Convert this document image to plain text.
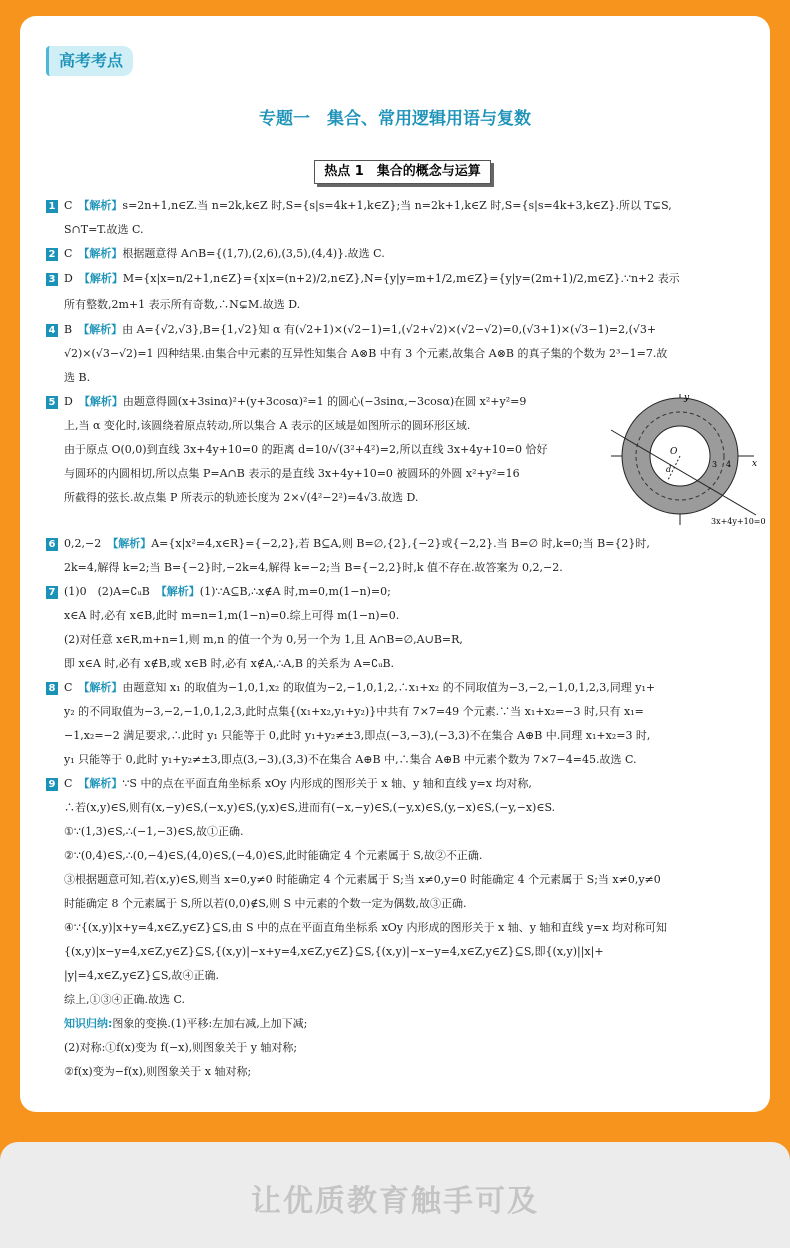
高考考点
专题一　集合、常用逻辑用语与复数
热点 1　集合的概念与运算
1 C 【解析】s=2n+1,n∈Z.当 n=2k,k∈Z 时,S={s|s=4k+1,k∈Z};当 n=2k+1,k∈Z 时,S={s|s=4k+3,k∈Z}.所以 T⊊S,
S∩T=T.故选 C.
2 C 【解析】根据题意得 A∩B={(1,7),(2,6),(3,5),(4,4)}.故选 C.
3 D 【解析】M={x|x=n/2+1,n∈Z}={x|x=(n+2)/2,n∈Z},N={y|y=m+1/2,m∈Z}={y|y=(2m+1)/2,m∈Z}.∵n+2 表示
所有整数,2m+1 表示所有奇数,∴N⊊M.故选 D.
4 B 【解析】由 A={√2,√3},B={1,√2}知 α 有(√2+1)×(√2−1)=1,(√2+√2)×(√2−√2)=0,(√3+1)×(√3−1)=2,(√3+
√2)×(√3−√2)=1 四种结果.由集合中元素的互异性知集合 A⊗B 中有 3 个元素,故集合 A⊗B 的真子集的个数为 2³−1=7.故
选 B.
5 D 【解析】由题意得圆(x+3sinα)²+(y+3cosα)²=1 的圆心(−3sinα,−3cosα)在圆 x²+y²=9
上,当 α 变化时,该圆绕着原点转动,所以集合 A 表示的区域是如图所示的圆环形区域.
由于原点 O(0,0)到直线 3x+4y+10=0 的距离 d=10/√(3²+4²)=2,所以直线 3x+4y+10=0 恰好
与圆环的内圆相切,所以点集 P=A∩B 表示的是直线 3x+4y+10=0 被圆环的外圆 x²+y²=16
所截得的弦长.故点集 P 所表示的轨迹长度为 2×√(4²−2²)=4√3.故选 D.
x
y
O
3 4
d
3x+4y+10=0
6 0,2,−2 【解析】A={x|x²=4,x∈R}={−2,2},若 B⊆A,则 B=∅,{2},{−2}或{−2,2}.当 B=∅ 时,k=0;当 B={2}时,
2k=4,解得 k=2;当 B={−2}时,−2k=4,解得 k=−2;当 B={−2,2}时,k 值不存在.故答案为 0,2,−2.
7 (1)0　(2)A=∁ᵤB 【解析】(1)∵A⊆B,∴x∉A 时,m=0,m(1−n)=0;
x∈A 时,必有 x∈B,此时 m=n=1,m(1−n)=0.综上可得 m(1−n)=0.
(2)对任意 x∈R,m+n=1,则 m,n 的值一个为 0,另一个为 1,且 A∩B=∅,A∪B=R,
即 x∈A 时,必有 x∉B,或 x∈B 时,必有 x∉A,∴A,B 的关系为 A=∁ᵤB.
8 C 【解析】由题意知 x₁ 的取值为−1,0,1,x₂ 的取值为−2,−1,0,1,2,∴x₁+x₂ 的不同取值为−3,−2,−1,0,1,2,3,同理 y₁+
y₂ 的不同取值为−3,−2,−1,0,1,2,3,此时点集{(x₁+x₂,y₁+y₂)}中共有 7×7=49 个元素.∵当 x₁+x₂=−3 时,只有 x₁=
−1,x₂=−2 满足要求,∴此时 y₁ 只能等于 0,此时 y₁+y₂≠±3,即点(−3,−3),(−3,3)不在集合 A⊕B 中.同理 x₁+x₂=3 时,
y₁ 只能等于 0,此时 y₁+y₂≠±3,即点(3,−3),(3,3)不在集合 A⊕B 中,∴集合 A⊕B 中元素个数为 7×7−4=45.故选 C.
9 C 【解析】∵S 中的点在平面直角坐标系 xOy 内形成的图形关于 x 轴、y 轴和直线 y=x 均对称,
∴若(x,y)∈S,则有(x,−y)∈S,(−x,y)∈S,(y,x)∈S,进而有(−x,−y)∈S,(−y,x)∈S,(y,−x)∈S,(−y,−x)∈S.
①∵(1,3)∈S,∴(−1,−3)∈S,故①正确.
②∵(0,4)∈S,∴(0,−4)∈S,(4,0)∈S,(−4,0)∈S,此时能确定 4 个元素属于 S,故②不正确.
③根据题意可知,若(x,y)∈S,则当 x=0,y≠0 时能确定 4 个元素属于 S;当 x≠0,y=0 时能确定 4 个元素属于 S;当 x≠0,y≠0
时能确定 8 个元素属于 S,所以若(0,0)∉S,则 S 中元素的个数一定为偶数,故③正确.
④∵{(x,y)|x+y=4,x∈Z,y∈Z}⊆S,由 S 中的点在平面直角坐标系 xOy 内形成的图形关于 x 轴、y 轴和直线 y=x 均对称可知
{(x,y)|x−y=4,x∈Z,y∈Z}⊆S,{(x,y)|−x+y=4,x∈Z,y∈Z}⊆S,{(x,y)|−x−y=4,x∈Z,y∈Z}⊆S,即{(x,y)||x|+
|y|=4,x∈Z,y∈Z}⊆S,故④正确.
综上,①③④正确.故选 C.
知识归纳:图象的变换.(1)平移:左加右减,上加下减;
(2)对称:①f(x)变为 f(−x),则图象关于 y 轴对称;
②f(x)变为−f(x),则图象关于 x 轴对称;
让优质教育触手可及
